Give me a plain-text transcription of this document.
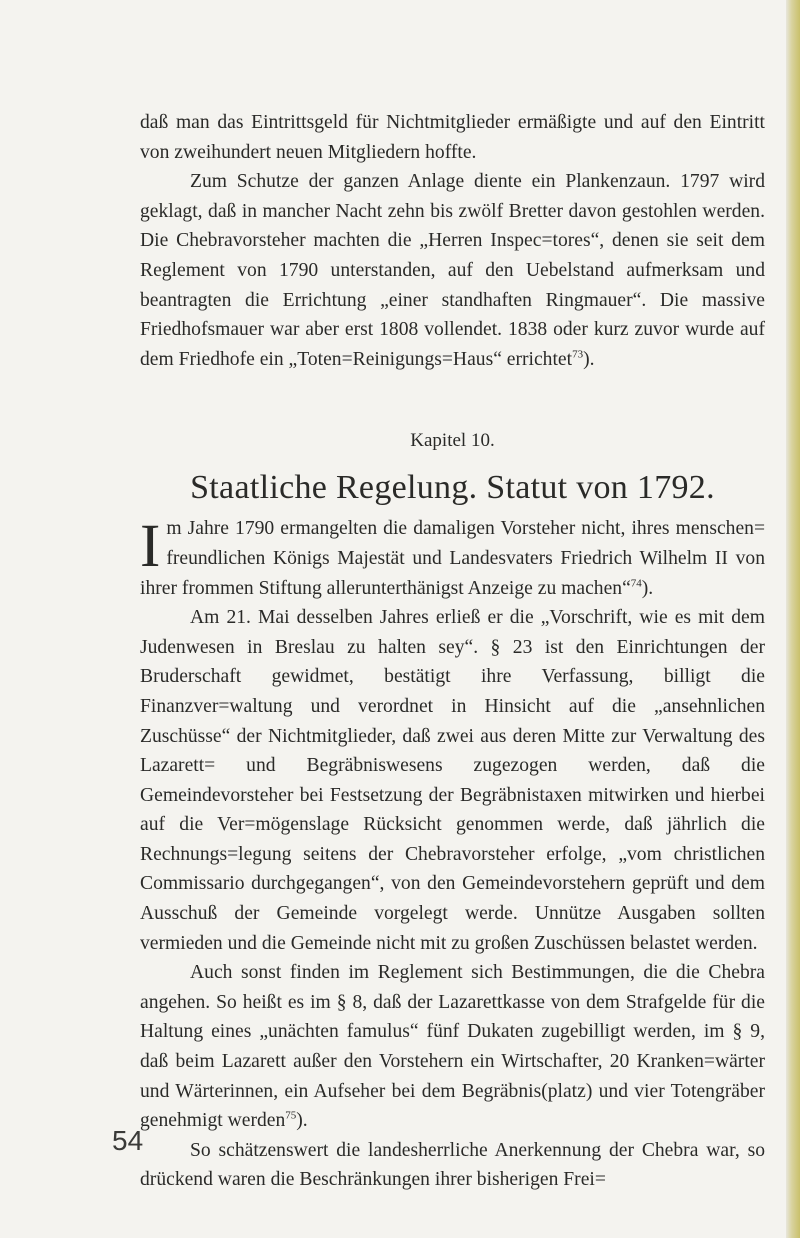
daß man das Eintrittsgeld für Nichtmitglieder ermäßigte und auf den Eintritt von zweihundert neuen Mitgliedern hoffte.

Zum Schutze der ganzen Anlage diente ein Plankenzaun. 1797 wird geklagt, daß in mancher Nacht zehn bis zwölf Bretter davon gestohlen werden. Die Chebravorsteher machten die „Herren Inspec=tores“, denen sie seit dem Reglement von 1790 unterstanden, auf den Uebelstand aufmerksam und beantragten die Errichtung „einer standhaften Ringmauer“. Die massive Friedhofsmauer war aber erst 1808 vollendet. 1838 oder kurz zuvor wurde auf dem Friedhofe ein „Toten=Reinigungs=Haus“ errichtet$^{73}$).

Kapitel 10.
Staatliche Regelung. Statut von 1792.

Im Jahre 1790 ermangelten die damaligen Vorsteher nicht, ihres menschen= freundlichen Königs Majestät und Landesvaters Friedrich Wilhelm II von ihrer frommen Stiftung allerunterthänigst Anzeige zu machen“$^{74}$).

Am 21. Mai desselben Jahres erließ er die „Vorschrift, wie es mit dem Judenwesen in Breslau zu halten sey“. § 23 ist den Einrichtungen der Bruderschaft gewidmet, bestätigt ihre Verfassung, billigt die Finanzver=waltung und verordnet in Hinsicht auf die „ansehnlichen Zuschüsse“ der Nichtmitglieder, daß zwei aus deren Mitte zur Verwaltung des Lazarett= und Begräbniswesens zugezogen werden, daß die Gemeindevorsteher bei Festsetzung der Begräbnistaxen mitwirken und hierbei auf die Ver=mögenslage Rücksicht genommen werde, daß jährlich die Rechnungs=legung seitens der Chebravorsteher erfolge, „vom christlichen Commissario durchgegangen“, von den Gemeindevorstehern geprüft und dem Ausschuß der Gemeinde vorgelegt werde. Unnütze Ausgaben sollten vermieden und die Gemeinde nicht mit zu großen Zuschüssen belastet werden.

Auch sonst finden im Reglement sich Bestimmungen, die die Chebra angehen. So heißt es im § 8, daß der Lazarettkasse von dem Strafgelde für die Haltung eines „unächten famulus“ fünf Dukaten zugebilligt werden, im § 9, daß beim Lazarett außer den Vorstehern ein Wirtschafter, 20 Kranken=wärter und Wärterinnen, ein Aufseher bei dem Begräbnis(platz) und vier Totengräber genehmigt werden$^{75}$).

So schätzenswert die landesherrliche Anerkennung der Chebra war, so drückend waren die Beschränkungen ihrer bisherigen Frei=

54
